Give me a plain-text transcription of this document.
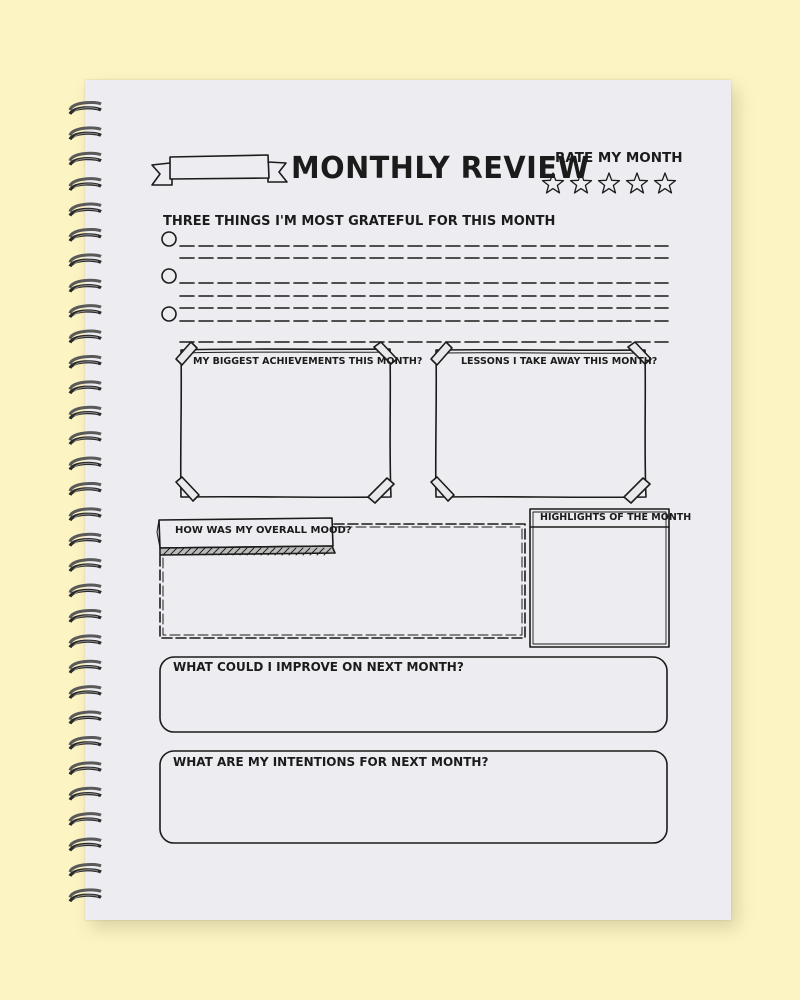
MONTHLY REVIEW
RATE MY MONTH
THREE THINGS I'M MOST GRATEFUL FOR THIS MONTH
MY BIGGEST ACHIEVEMENTS THIS MONTH?	LESSONS I TAKE AWAY THIS MONTH?
HOW WAS MY OVERALL MOOD?
HIGHLIGHTS OF THE MONTH
WHAT COULD I IMPROVE ON NEXT MONTH?
WHAT ARE MY INTENTIONS FOR NEXT MONTH?
